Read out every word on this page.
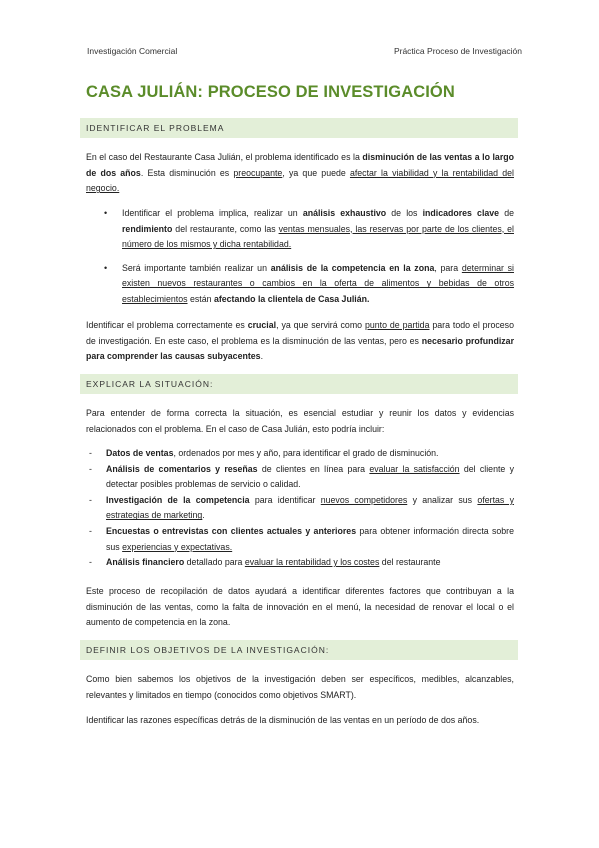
Investigación Comercial	Práctica Proceso de Investigación
CASA JULIÁN: PROCESO DE INVESTIGACIÓN
IDENTIFICAR EL PROBLEMA

En el caso del Restaurante Casa Julián, el problema identificado es la disminución de las ventas a lo largo de dos años. Esta disminución es preocupante, ya que puede afectar la viabilidad y la rentabilidad del negocio.

• Identificar el problema implica, realizar un análisis exhaustivo de los indicadores clave de rendimiento del restaurante, como las ventas mensuales, las reservas por parte de los clientes, el número de los mismos y dicha rentabilidad.
• Será importante también realizar un análisis de la competencia en la zona, para determinar si existen nuevos restaurantes o cambios en la oferta de alimentos y bebidas de otros establecimientos están afectando la clientela de Casa Julián.

Identificar el problema correctamente es crucial, ya que servirá como punto de partida para todo el proceso de investigación. En este caso, el problema es la disminución de las ventas, pero es necesario profundizar para comprender las causas subyacentes.

EXPLICAR LA SITUACIÓN:

Para entender de forma correcta la situación, es esencial estudiar y reunir los datos y evidencias relacionados con el problema. En el caso de Casa Julián, esto podría incluir:

- Datos de ventas, ordenados por mes y año, para identificar el grado de disminución.
- Análisis de comentarios y reseñas de clientes en línea para evaluar la satisfacción del cliente y detectar posibles problemas de servicio o calidad.
- Investigación de la competencia para identificar nuevos competidores y analizar sus ofertas y estrategias de marketing.
- Encuestas o entrevistas con clientes actuales y anteriores para obtener información directa sobre sus experiencias y expectativas.
- Análisis financiero detallado para evaluar la rentabilidad y los costes del restaurante

Este proceso de recopilación de datos ayudará a identificar diferentes factores que contribuyan a la disminución de las ventas, como la falta de innovación en el menú, la necesidad de renovar el local o el aumento de competencia en la zona.

DEFINIR LOS OBJETIVOS DE LA INVESTIGACIÓN:

Como bien sabemos los objetivos de la investigación deben ser específicos, medibles, alcanzables, relevantes y limitados en tiempo (conocidos como objetivos SMART).

Identificar las razones específicas detrás de la disminución de las ventas en un período de dos años.
